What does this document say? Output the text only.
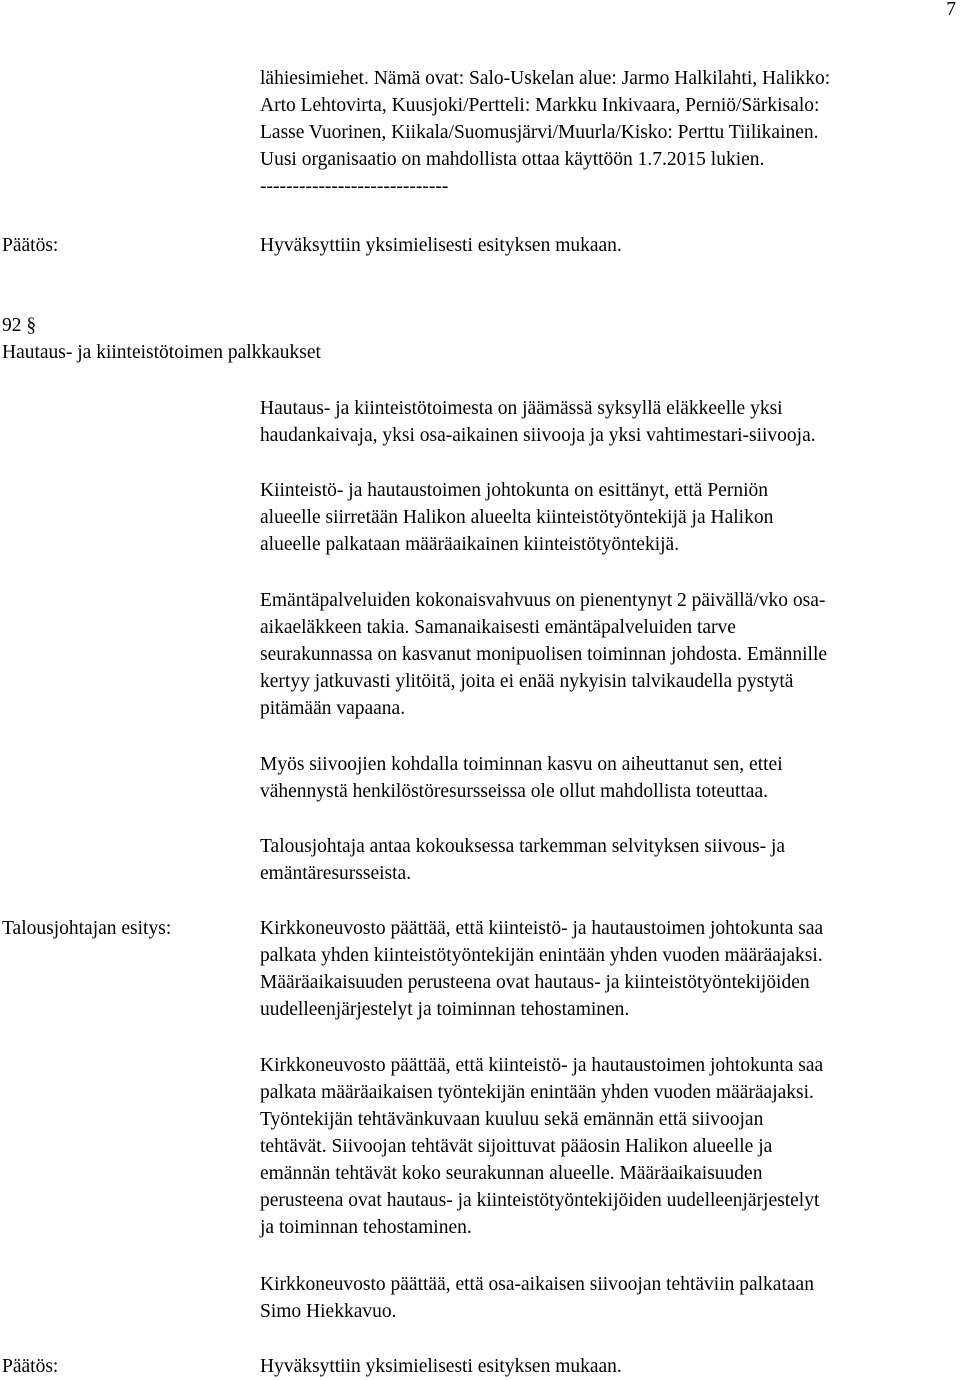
7

lähiesimiehet. Nämä ovat: Salo-Uskelan alue: Jarmo Halkilahti, Halikko:

Arto Lehtovirta, Kuusjoki/Pertteli: Markku Inkivaara, Perniö/Särkisalo:

Lasse Vuorinen, Kiikala/Suomusjärvi/Muurla/Kisko: Perttu Tiilikainen.

Uusi organisaatio on mahdollista ottaa käyttöön 1.7.2015 lukien.

-----------------------------

Päätös:	Hyväksyttiin yksimielisesti esityksen mukaan.

92 §

Hautaus- ja kiinteistötoimen palkkaukset

Hautaus- ja kiinteistötoimesta on jäämässä syksyllä eläkkeelle yksi

haudankaivaja, yksi osa-aikainen siivooja ja yksi vahtimestari-siivooja.

Kiinteistö- ja hautaustoimen johtokunta on esittänyt, että Perniön

alueelle siirretään Halikon alueelta kiinteistötyöntekijä ja Halikon

alueelle palkataan määräaikainen kiinteistötyöntekijä.

Emäntäpalveluiden kokonaisvahvuus on pienentynyt 2 päivällä/vko osa-

aikaeläkkeen takia. Samanaikaisesti emäntäpalveluiden tarve

seurakunnassa on kasvanut monipuolisen toiminnan johdosta. Emännille

kertyy jatkuvasti ylitöitä, joita ei enää nykyisin talvikaudella pystytä

pitämään vapaana.

Myös siivoojien kohdalla toiminnan kasvu on aiheuttanut sen, ettei

vähennystä henkilöstöresursseissa ole ollut mahdollista toteuttaa.

Talousjohtaja antaa kokouksessa tarkemman selvityksen siivous- ja

emäntäresursseista.

Talousjohtajan esitys:	Kirkkoneuvosto päättää, että kiinteistö- ja hautaustoimen johtokunta saa

palkata yhden kiinteistötyöntekijän enintään yhden vuoden määräajaksi.

Määräaikaisuuden perusteena ovat hautaus- ja kiinteistötyöntekijöiden

uudelleenjärjestelyt ja toiminnan tehostaminen.

Kirkkoneuvosto päättää, että kiinteistö- ja hautaustoimen johtokunta saa

palkata määräaikaisen työntekijän enintään yhden vuoden määräajaksi.

Työntekijän tehtävänkuvaan kuuluu sekä emännän että siivoojan

tehtävät. Siivoojan tehtävät sijoittuvat pääosin Halikon alueelle ja

emännän tehtävät koko seurakunnan alueelle. Määräaikaisuuden

perusteena ovat hautaus- ja kiinteistötyöntekijöiden uudelleenjärjestelyt

ja toiminnan tehostaminen.

Kirkkoneuvosto päättää, että osa-aikaisen siivoojan tehtäviin palkataan

Simo Hiekkavuo.

Päätös:	Hyväksyttiin yksimielisesti esityksen mukaan.
